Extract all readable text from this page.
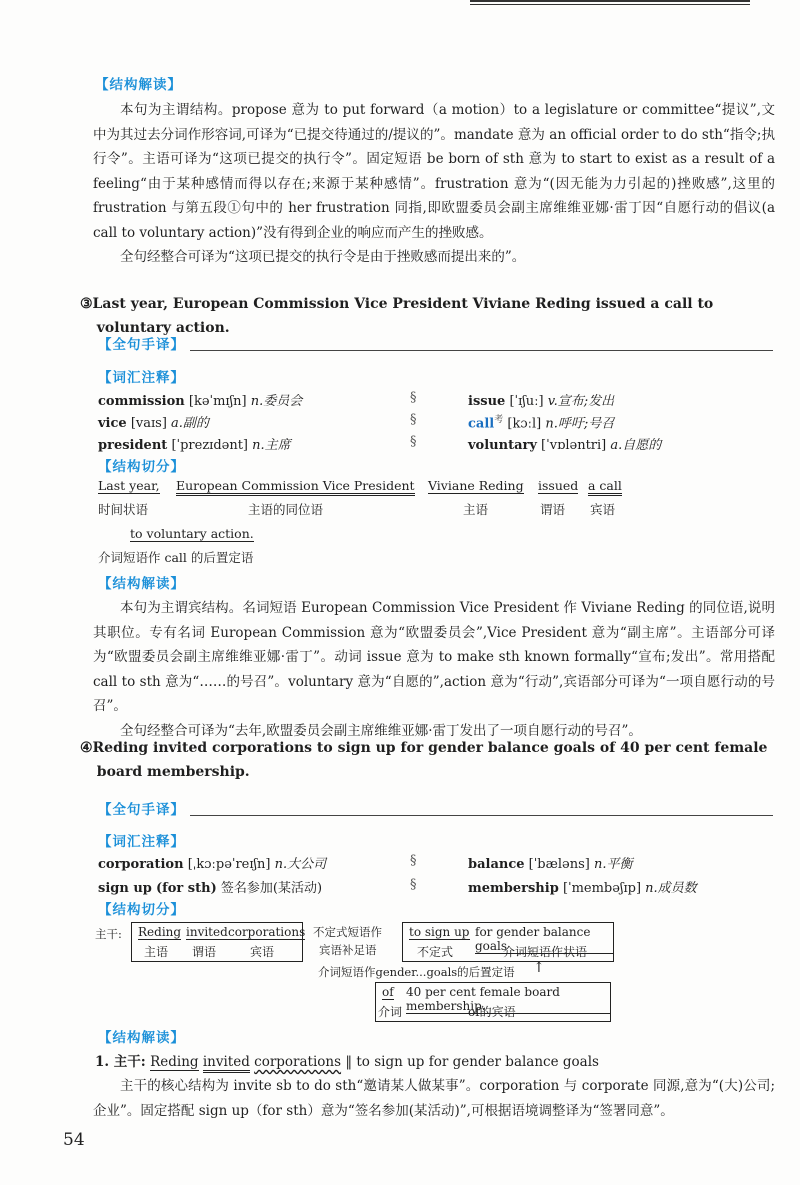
【结构解读】

本句为主谓结构。propose 意为 to put forward（a motion）to a legislature or committee“提议”,文中为其过去分词作形容词,可译为“已提交待通过的/提议的”。mandate 意为 an official order to do sth“指令;执行令”。主语可译为“这项已提交的执行令”。固定短语 be born of sth 意为 to start to exist as a result of a feeling“由于某种感情而得以存在;来源于某种感情”。frustration 意为“(因无能为力引起的)挫败感”,这里的 frustration 与第五段①句中的 her frustration 同指,即欧盟委员会副主席维维亚娜·雷丁因“自愿行动的倡议(a call to voluntary action)”没有得到企业的响应而产生的挫败感。

全句经整合可译为“这项已提交的执行令是由于挫败感而提出来的”。

③Last year, European Commission Vice President Viviane Reding issued a call to voluntary action.
【全句手译】
【词汇注释】
commission [kəˈmɪʃn] n.委员会	§	issue [ˈɪʃuː] v.宣布;发出
vice [vaɪs] a.副的	§	call$^考$ [kɔːl] n.呼吁;号召
president [ˈprezɪdənt] n.主席	§	voluntary [ˈvɒləntri] a.自愿的
【结构切分】
Last year,
时间状语
European Commission Vice President
主语的同位语
Viviane Reding
主语
issued
谓语
a call
宾语
to voluntary action.
介词短语作 call 的后置定语
【结构解读】

本句为主谓宾结构。名词短语 European Commission Vice President 作 Viviane Reding 的同位语,说明其职位。专有名词 European Commission 意为“欧盟委员会”,Vice President 意为“副主席”。主语部分可译为“欧盟委员会副主席维维亚娜·雷丁”。动词 issue 意为 to make sth known formally“宣布;发出”。常用搭配 call to sth 意为“……的号召”。voluntary 意为“自愿的”,action 意为“行动”,宾语部分可译为“一项自愿行动的号召”。

全句经整合可译为“去年,欧盟委员会副主席维维亚娜·雷丁发出了一项自愿行动的号召”。

④Reding invited corporations to sign up for gender balance goals of 40 per cent female board membership.
【全句手译】
【词汇注释】
corporation [ˌkɔːpəˈreɪʃn] n.大公司	§	balance [ˈbæləns] n.平衡
sign up (for sth) 签名参加(某活动)	§	membership [ˈmembəʃɪp] n.成员数
【结构切分】
主干: Reding
主语
invited
谓语
corporations
宾语
不定式短语作
宾语补足语
to sign up
不定式
for gender balance goals
介词短语作状语
介词短语作gender...goals的后置定语 ↑
of
介词
40 per cent female board membership.
of的宾语
【结构解读】
1. 主干: Reding invited corporations ‖ to sign up for gender balance goals

主干的核心结构为 invite sb to do sth“邀请某人做某事”。corporation 与 corporate 同源,意为“(大)公司;企业”。固定搭配 sign up（for sth）意为“签名参加(某活动)”,可根据语境调整译为“签署同意”。

54
